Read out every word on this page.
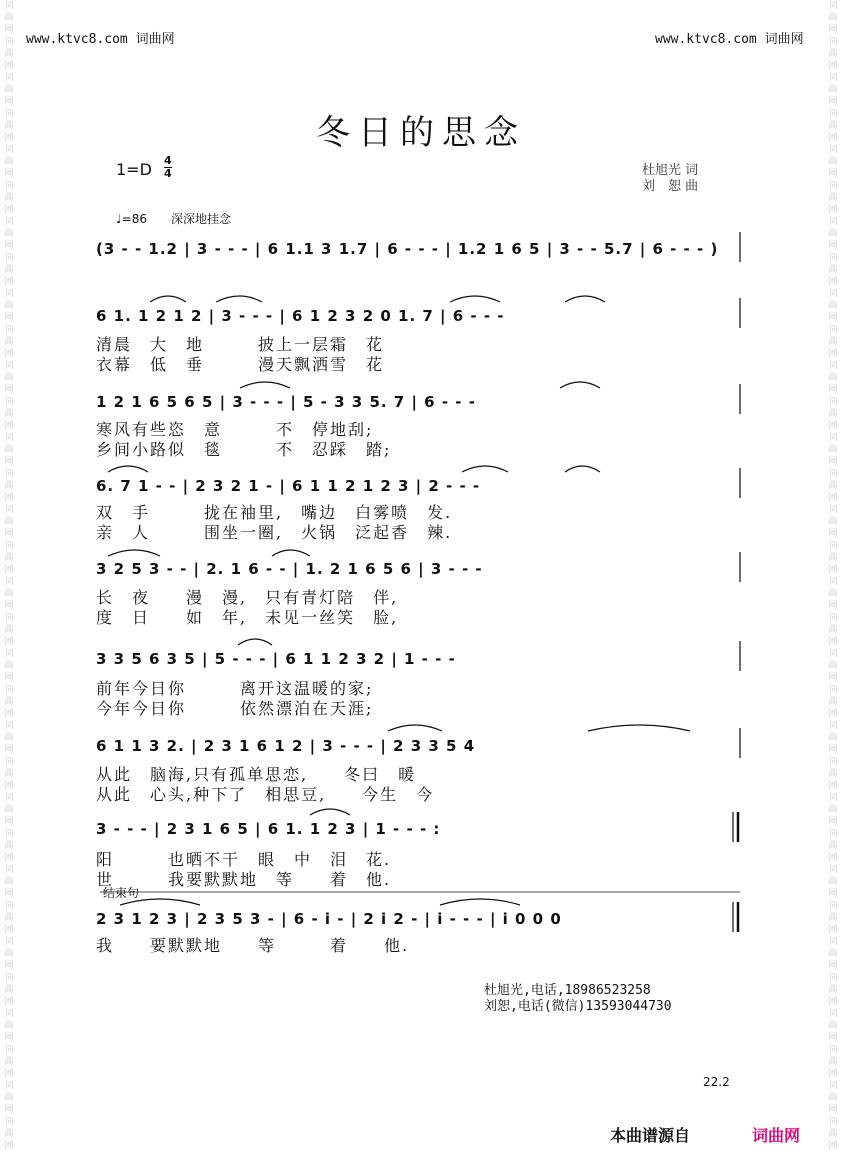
词曲网
词曲网
词曲网
词曲网
词曲网
词曲网
词曲网
词曲网
词曲网
词曲网
词曲网
词曲网
词曲网
词曲网
词曲网
词曲网
词曲网
词曲网
词曲网
词曲网
词曲网
词曲网
词曲网
词曲网
词曲网
词曲网
词曲网
词曲网
词曲网
词曲网
词曲网
词曲网
词曲网
词曲网
词曲网
词曲网
词曲网
词曲网
词曲网
词曲网
词曲网
词曲网
词曲网
词曲网
词曲网
词曲网
词曲网
词曲网
词曲网
词曲网
词曲网
词曲网
词曲网
词曲网
词曲网
词曲网
词曲网
词曲网
词曲网
词曲网
词曲网
词曲网
词曲网
词曲网
www.ktvc8.com 词曲网	www.ktvc8.com 词曲网
冬日的思念
1=D 4
4	杜旭光 词
刘　恕 曲
♩=86　　深深地挂念
(3 - - 1.2 | 3 - - - | 6 1.1 3 1.7 | 6 - - - | 1.2 1 6 5 | 3 - - 5.7 | 6 - - - )
6 1. 1 2 1 2 | 3 - - - | 6 1 2 3 2 0 1. 7 | 6 - - -
清晨　大　地　　　披上一层霜　花
衣幕　低　垂　　　漫天飘洒雪　花
1 2 1 6 5 6 5 | 3 - - - | 5 - 3 3 5. 7 | 6 - - -
寒风有些恣　意　　　不　停地刮;
乡间小路似　毯　　　不　忍踩　踏;
6. 7 1 - - | 2 3 2 1 - | 6 1 1 2 1 2 3 | 2 - - -
双　手　　　拢在袖里,　嘴边　白雾喷　发.
亲　人　　　围坐一圈,　火锅　泛起香　辣.
3 2 5 3 - - | 2. 1 6 - - | 1. 2 1 6 5 6 | 3 - - -
长　夜　　漫　漫,　只有青灯陪　伴,
度　日　　如　年,　未见一丝笑　脸,
3 3 5 6 3 5 | 5 - - - | 6 1 1 2 3 2 | 1 - - -
前年今日你　　　离开这温暖的家;
今年今日你　　　依然漂泊在天涯;
6 1 1 3 2. | 2 3 1 6 1 2 | 3 - - - | 2 3 3 5 4
从此　脑海,只有孤单思恋,　　冬曰　暖
从此　心头,种下了　相思豆,　　今生　今
3 - - - | 2 3 1 6 5 | 6 1. 1 2 3 | 1 - - - :
阳　　　也晒不干　眼　中　泪　花.
世　　　我要默默地　等　　着　他.
结束句
2 3 1 2 3 | 2 3 5 3 - | 6 - i - | 2 i 2 - | i - - - | i 0 0 0
我　　要默默地　　等　　　着　　他.
杜旭光,电话,18986523258
刘恕,电话(微信)13593044730
22.2
本曲谱源自	词曲网
